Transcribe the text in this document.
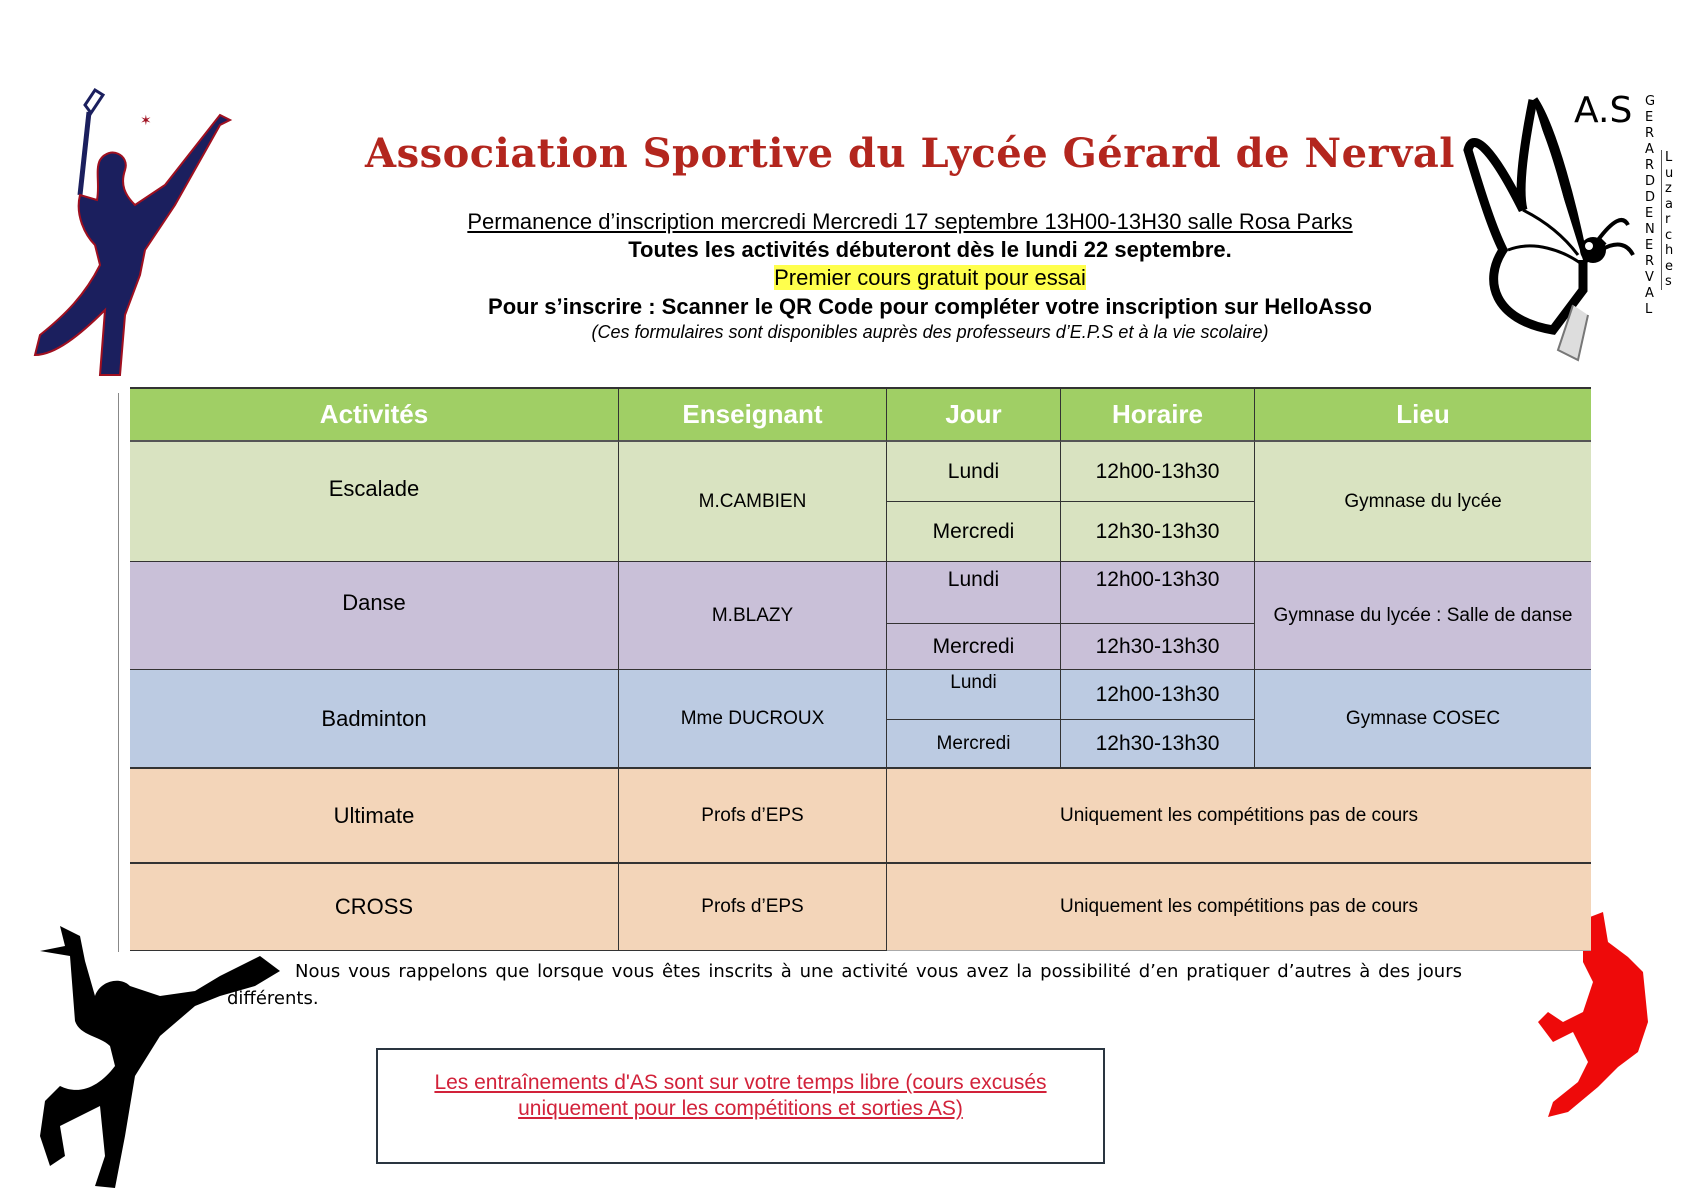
✶	A.S GERARD DE NERVAL
Luzarches
Association Sportive du Lycée Gérard de Nerval
Permanence d’inscription mercredi Mercredi 17 septembre 13H00-13H30 salle Rosa Parks
Toutes les activités débuteront dès le lundi 22 septembre.
Premier cours gratuit pour essai
Pour s’inscrire : Scanner le QR Code pour compléter votre inscription sur HelloAsso
(Ces formulaires sont disponibles auprès des professeurs d’E.P.S et à la vie scolaire)
Activités	Enseignant	Jour	Horaire	Lieu
Escalade	M.CAMBIEN
Lundi	12h00-13h30
Mercredi	12h30-13h30
Gymnase du lycée
Danse	M.BLAZY
Lundi	12h00-13h30
Mercredi	12h30-13h30
Gymnase du lycée : Salle de danse
Badminton	Mme DUCROUX
Lundi	12h00-13h30
Mercredi	12h30-13h30
Gymnase COSEC
Ultimate	Profs d’EPS	Uniquement les compétitions pas de cours
CROSS	Profs d’EPS	Uniquement les compétitions pas de cours
Nous vous rappelons que lorsque vous êtes inscrits à une activité vous avez la possibilité d’en pratiquer d’autres à des jours différents.
Les entraînements d'AS sont sur votre temps libre (cours excusés
uniquement pour les compétitions et sorties AS)
